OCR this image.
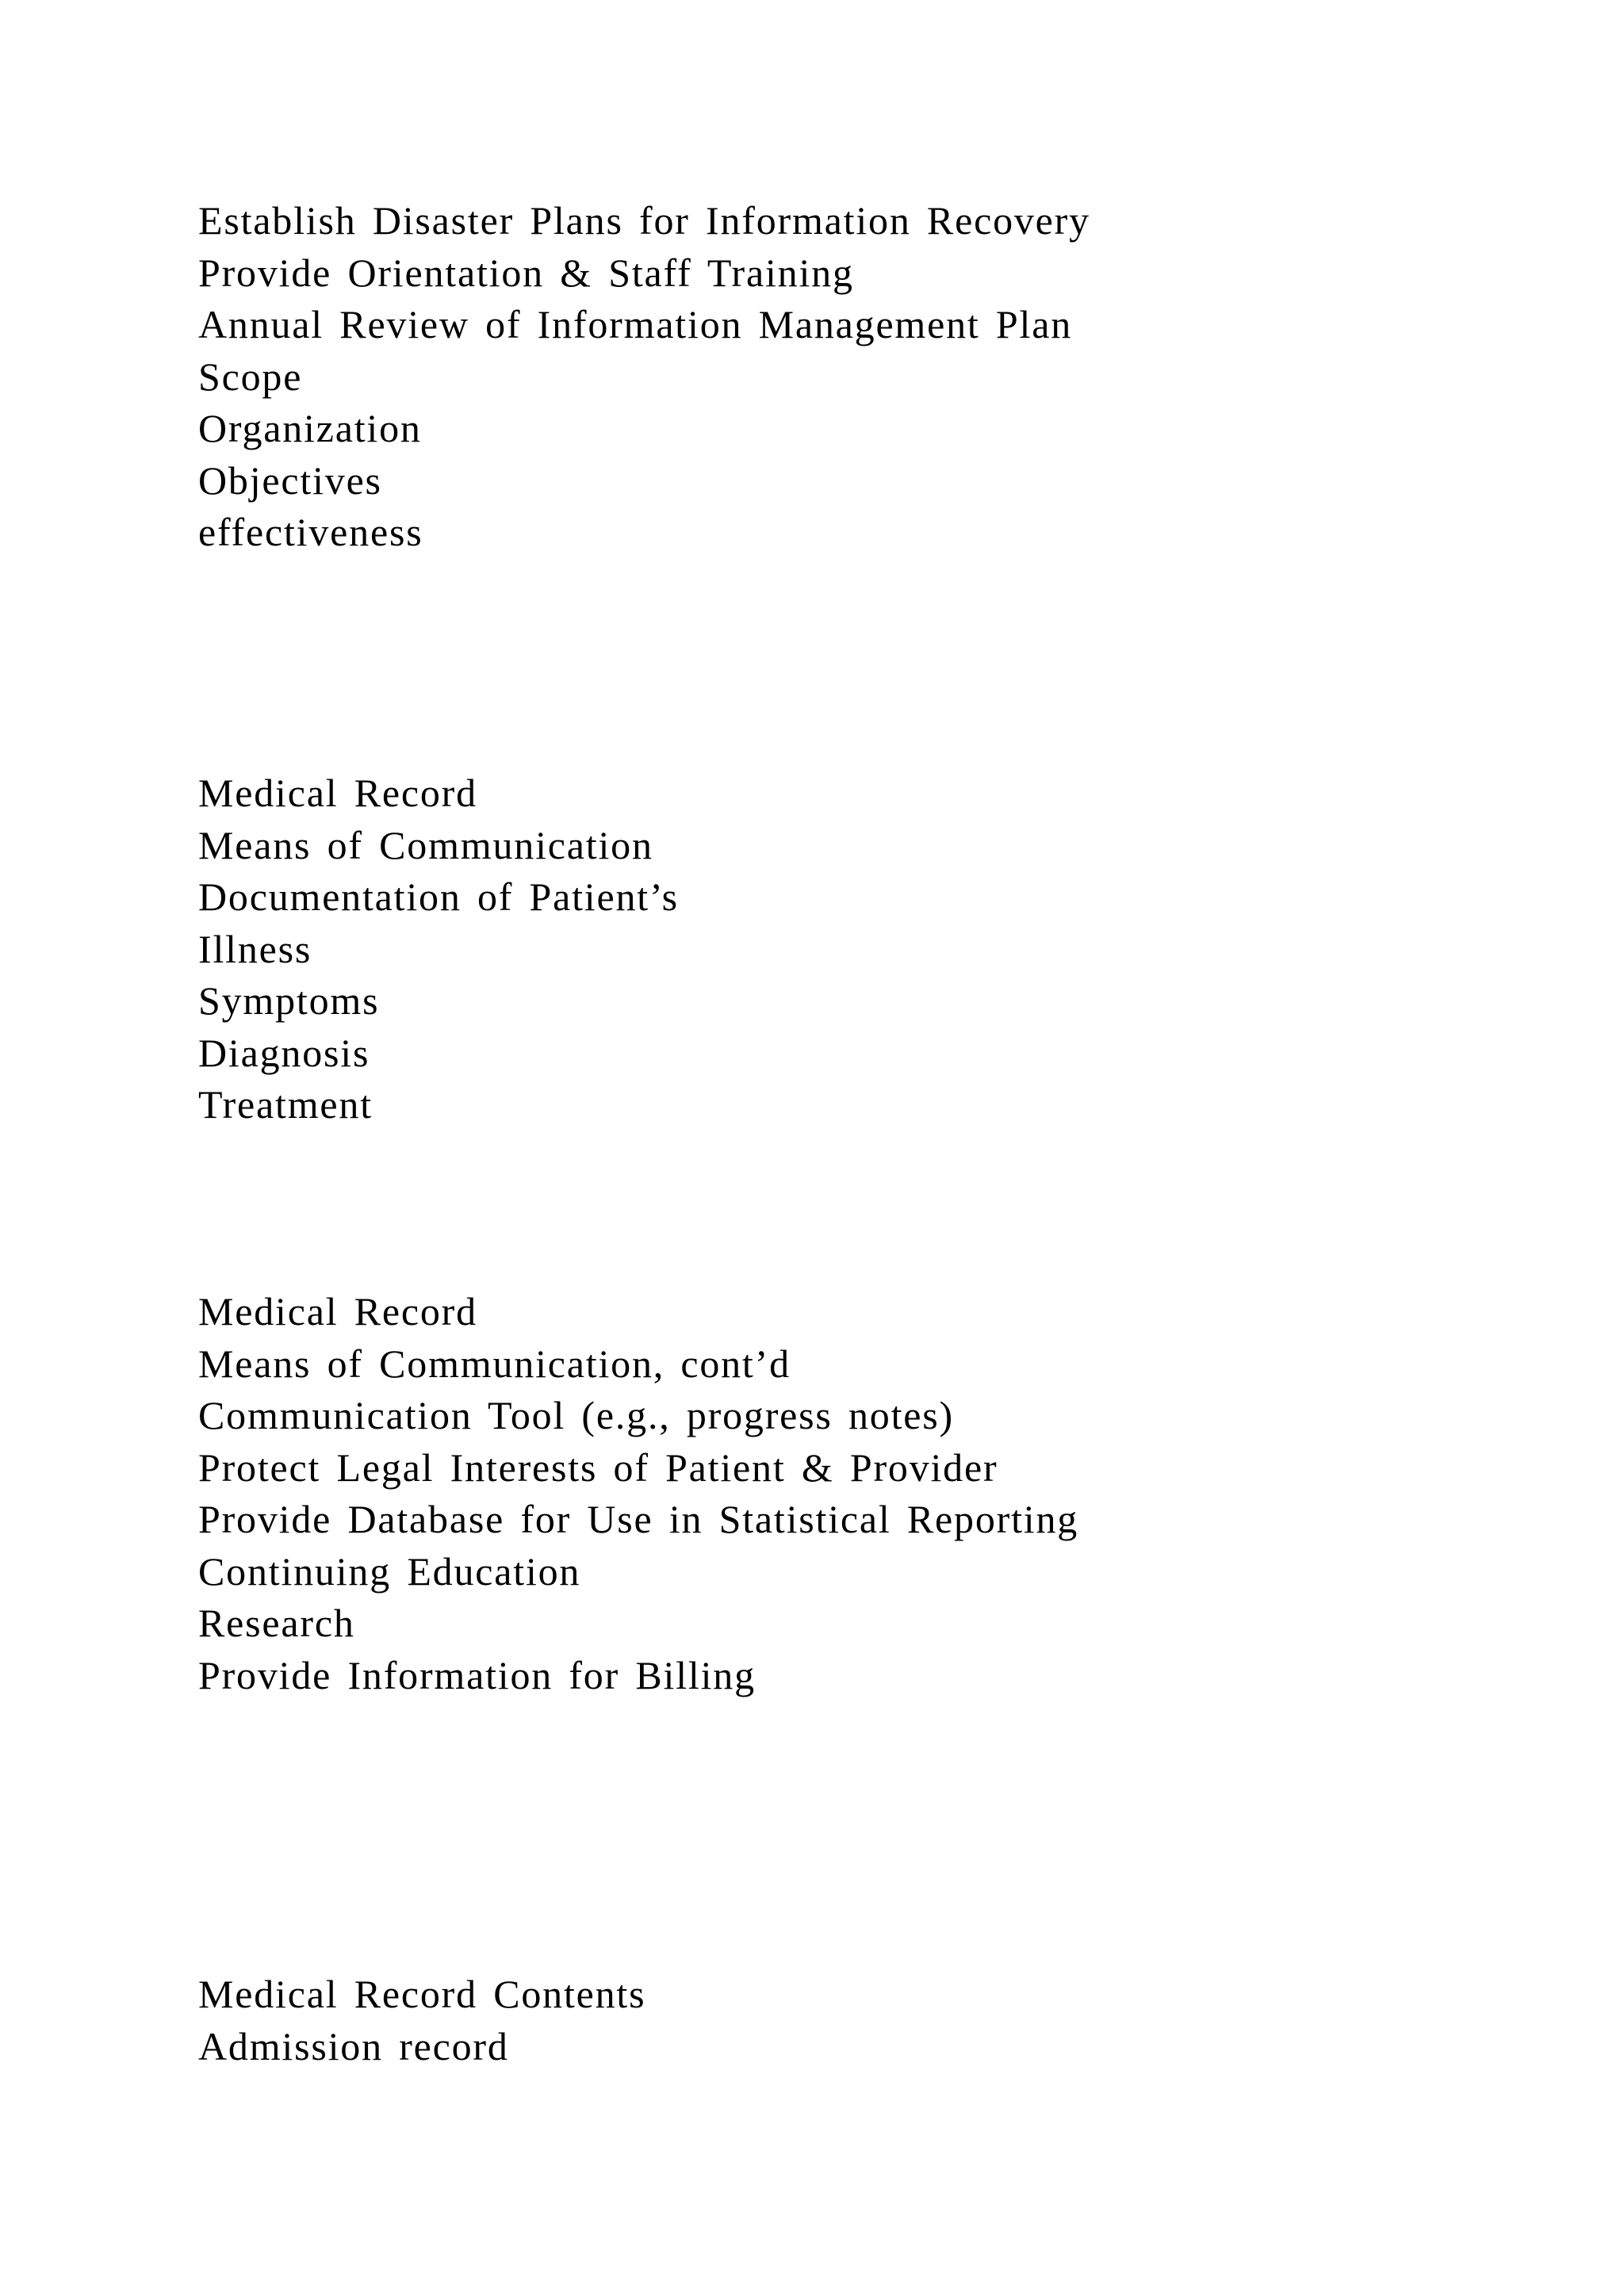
Establish Disaster Plans for Information Recovery
Provide Orientation & Staff Training
Annual Review of Information Management Plan
Scope
Organization
Objectives
effectiveness
Medical Record
Means of Communication
Documentation of Patient’s
Illness
Symptoms
Diagnosis
Treatment
Medical Record
Means of Communication, cont’d
Communication Tool (e.g., progress notes)
Protect Legal Interests of Patient & Provider
Provide Database for Use in Statistical Reporting
Continuing Education
Research
Provide Information for Billing
Medical Record Contents
Admission record
